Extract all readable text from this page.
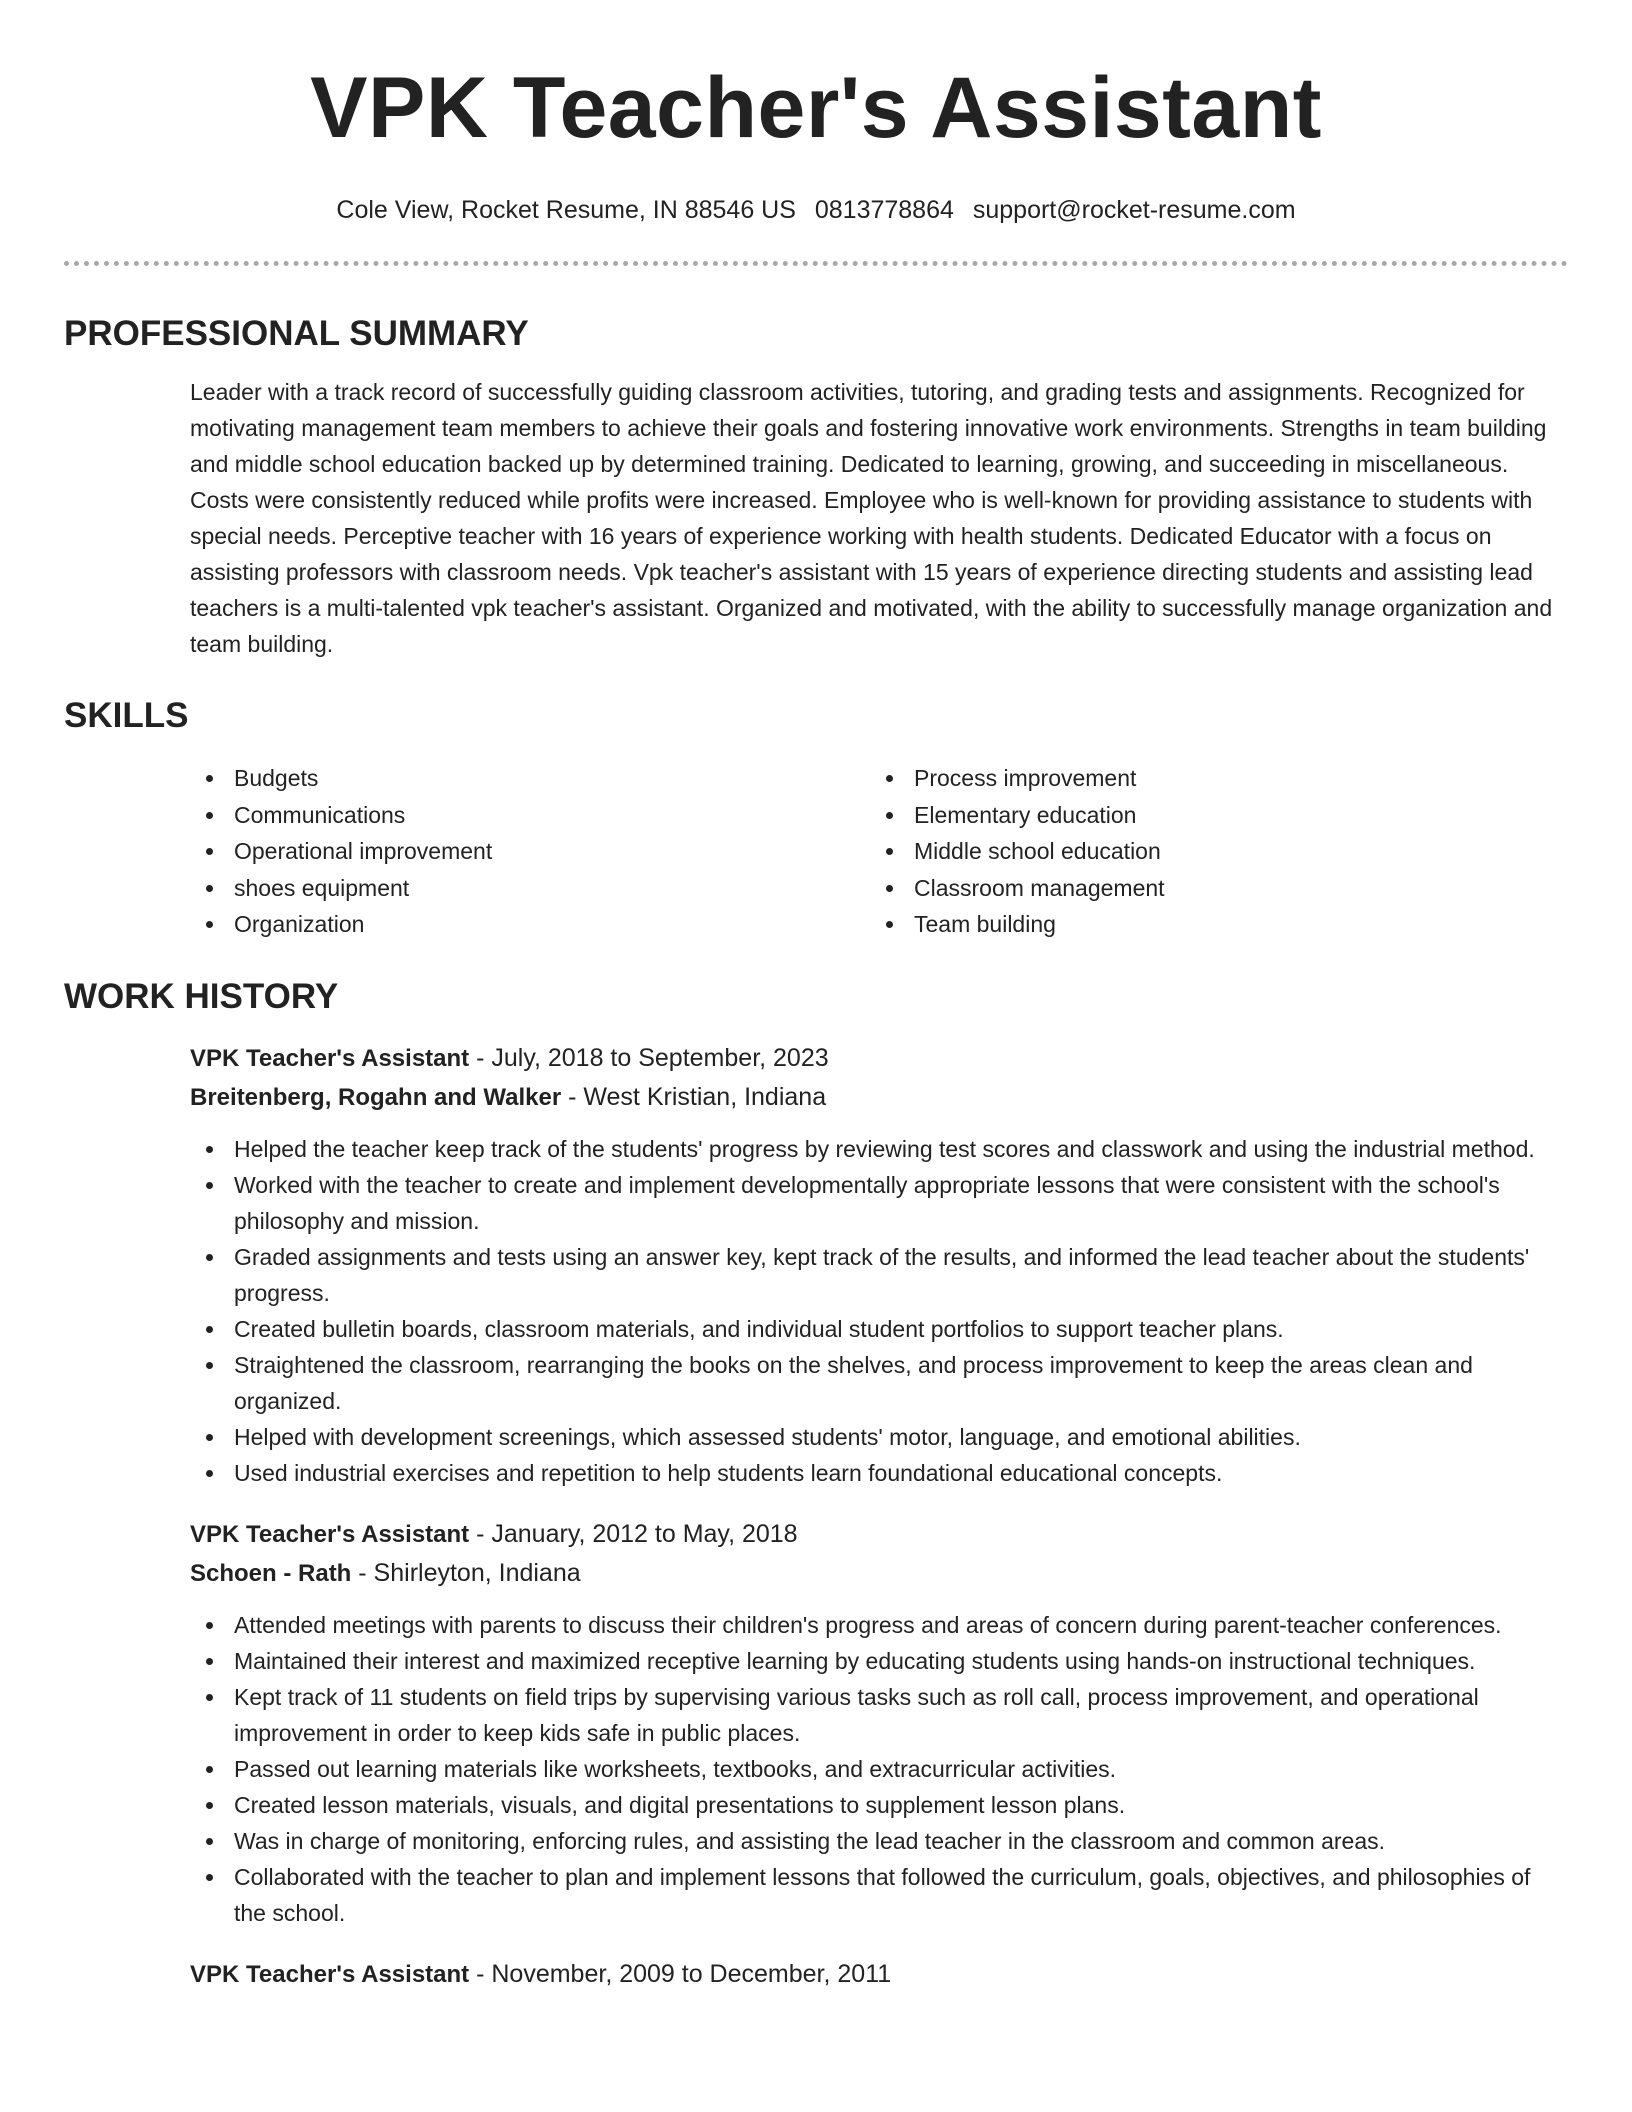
VPK Teacher's Assistant
Cole View, Rocket Resume, IN 88546 US 0813778864 support@rocket-resume.com
PROFESSIONAL SUMMARY
Leader with a track record of successfully guiding classroom activities, tutoring, and grading tests and assignments. Recognized for motivating management team members to achieve their goals and fostering innovative work environments. Strengths in team building and middle school education backed up by determined training. Dedicated to learning, growing, and succeeding in miscellaneous. Costs were consistently reduced while profits were increased. Employee who is well-known for providing assistance to students with special needs. Perceptive teacher with 16 years of experience working with health students. Dedicated Educator with a focus on assisting professors with classroom needs. Vpk teacher's assistant with 15 years of experience directing students and assisting lead teachers is a multi-talented vpk teacher's assistant. Organized and motivated, with the ability to successfully manage organization and team building.
SKILLS
Budgets
Communications
Operational improvement
shoes equipment
Organization
Process improvement
Elementary education
Middle school education
Classroom management
Team building
WORK HISTORY
VPK Teacher's Assistant - July, 2018 to September, 2023
Breitenberg, Rogahn and Walker - West Kristian, Indiana
Helped the teacher keep track of the students' progress by reviewing test scores and classwork and using the industrial method.
Worked with the teacher to create and implement developmentally appropriate lessons that were consistent with the school's philosophy and mission.
Graded assignments and tests using an answer key, kept track of the results, and informed the lead teacher about the students' progress.
Created bulletin boards, classroom materials, and individual student portfolios to support teacher plans.
Straightened the classroom, rearranging the books on the shelves, and process improvement to keep the areas clean and organized.
Helped with development screenings, which assessed students' motor, language, and emotional abilities.
Used industrial exercises and repetition to help students learn foundational educational concepts.
VPK Teacher's Assistant - January, 2012 to May, 2018
Schoen - Rath - Shirleyton, Indiana
Attended meetings with parents to discuss their children's progress and areas of concern during parent-teacher conferences.
Maintained their interest and maximized receptive learning by educating students using hands-on instructional techniques.
Kept track of 11 students on field trips by supervising various tasks such as roll call, process improvement, and operational improvement in order to keep kids safe in public places.
Passed out learning materials like worksheets, textbooks, and extracurricular activities.
Created lesson materials, visuals, and digital presentations to supplement lesson plans.
Was in charge of monitoring, enforcing rules, and assisting the lead teacher in the classroom and common areas.
Collaborated with the teacher to plan and implement lessons that followed the curriculum, goals, objectives, and philosophies of the school.
VPK Teacher's Assistant - November, 2009 to December, 2011
